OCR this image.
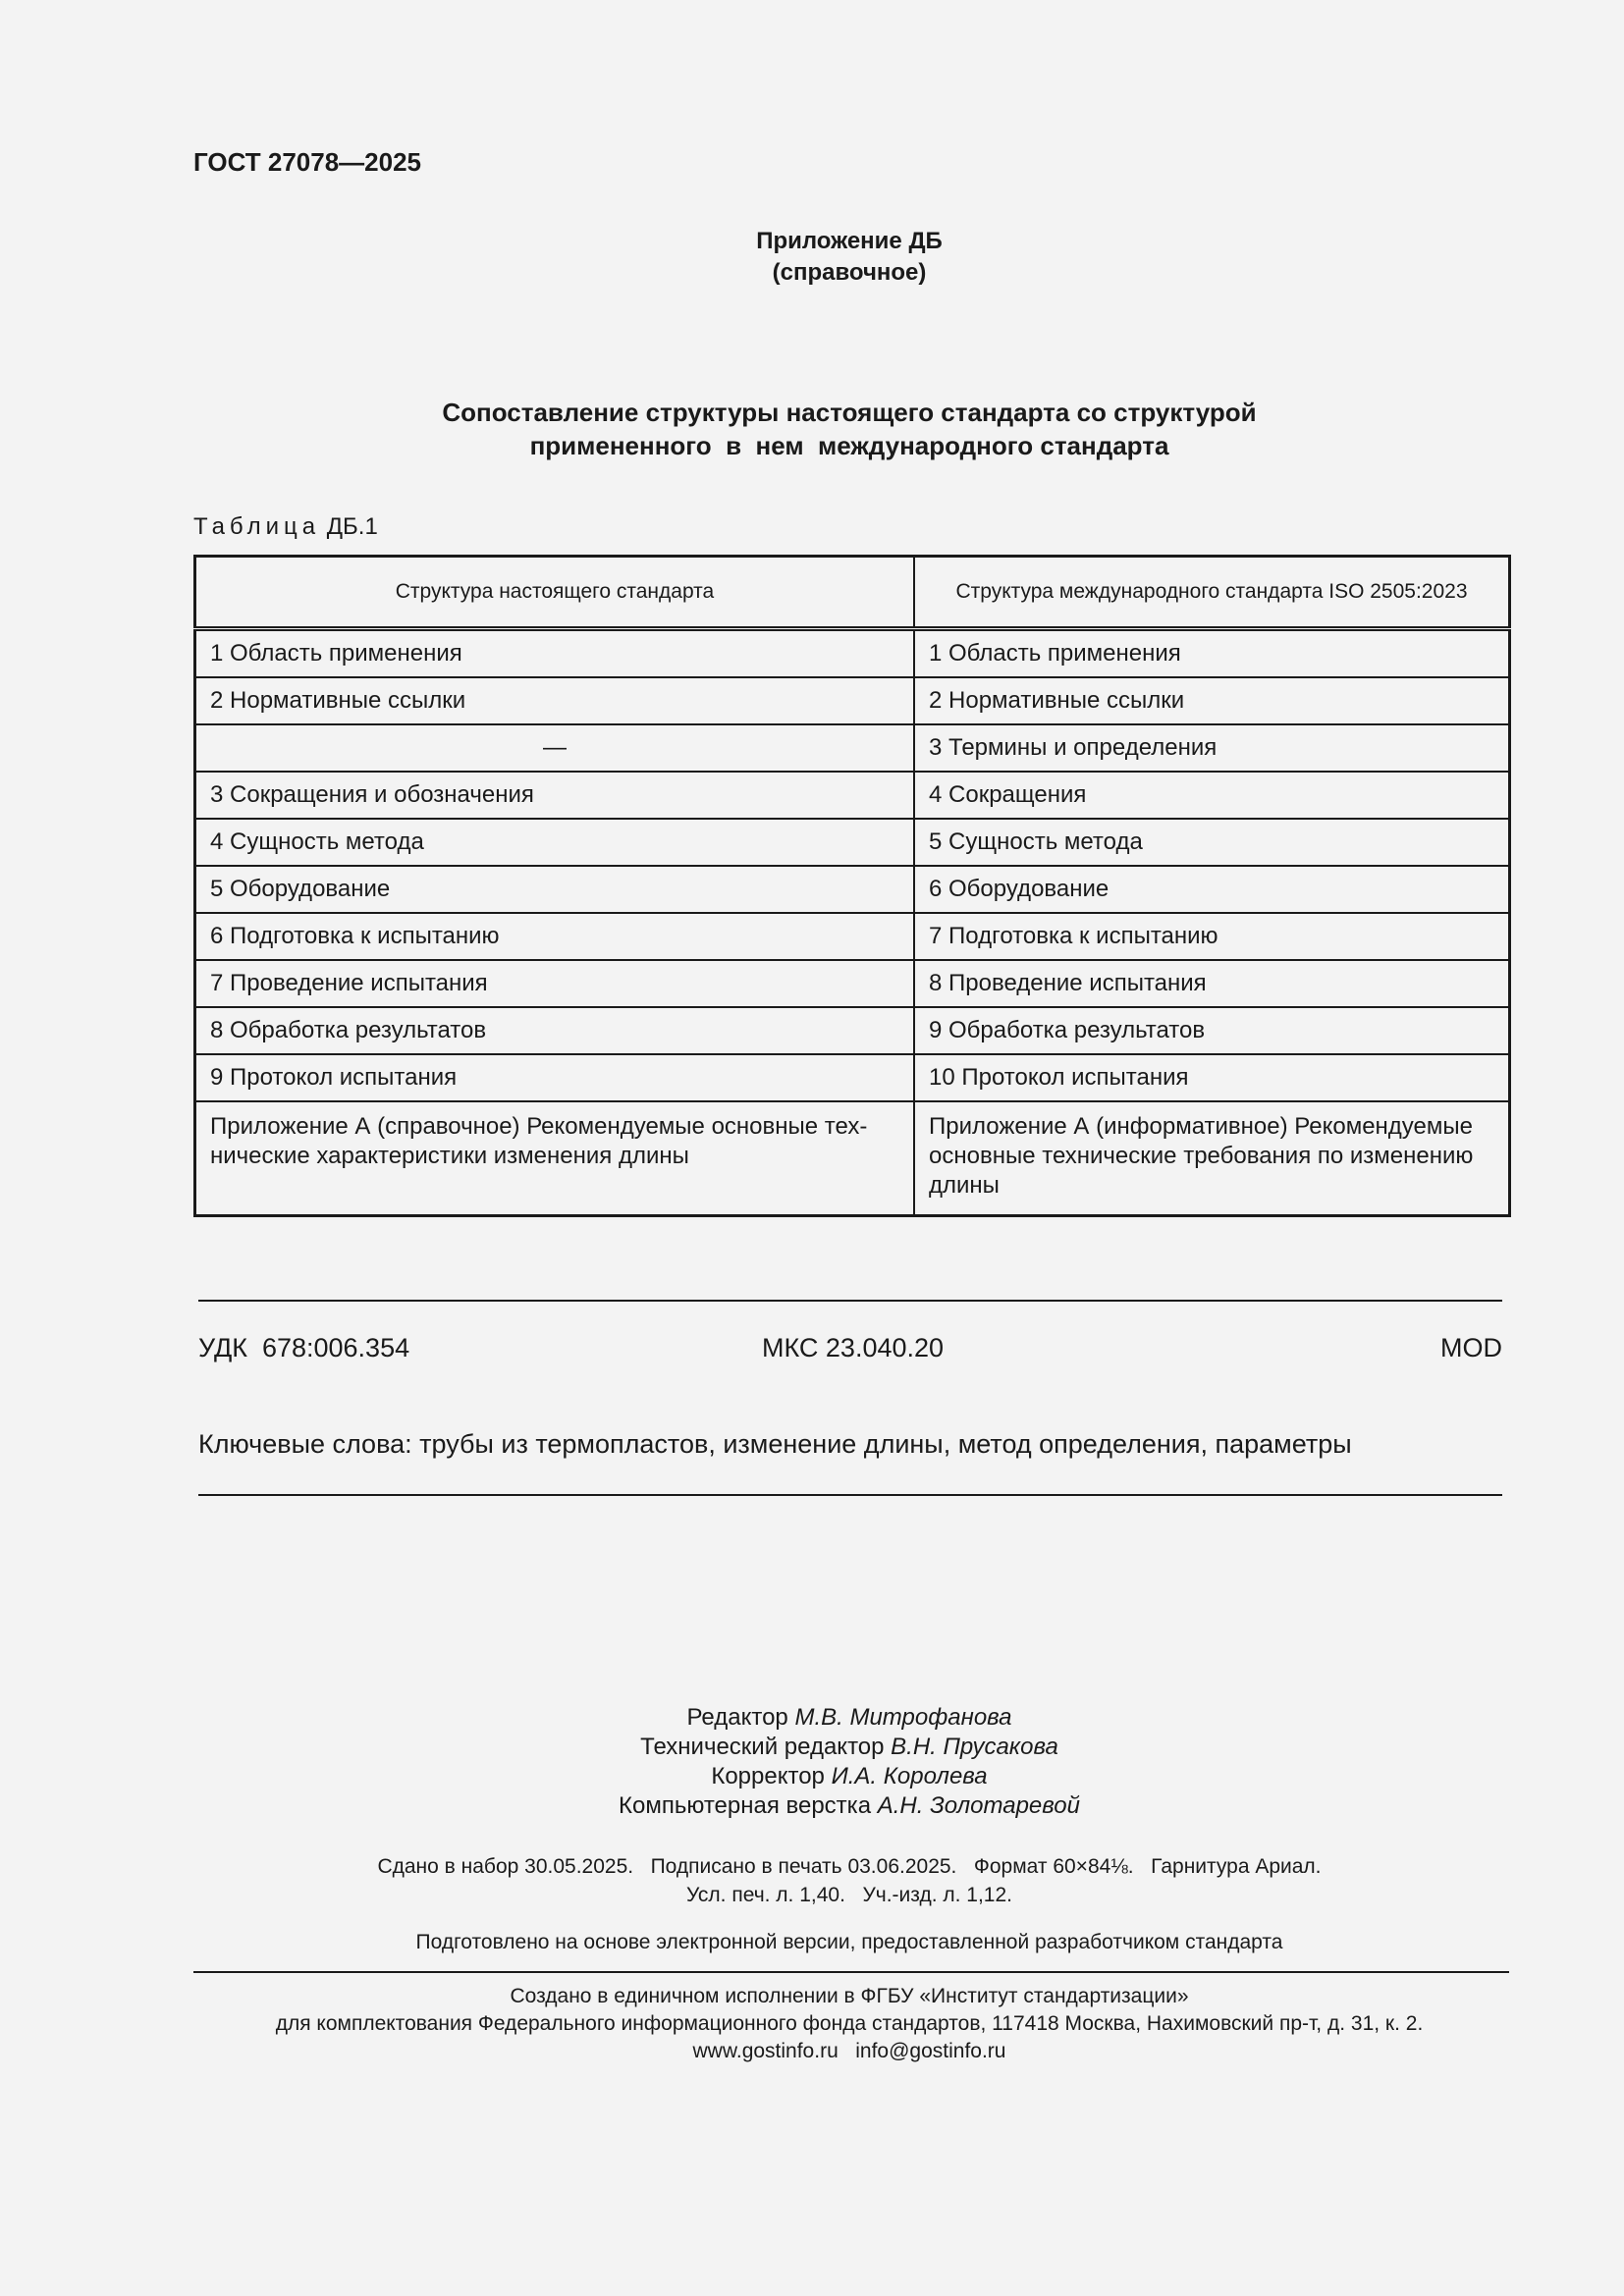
ГОСТ 27078—2025
Приложение ДБ
(справочное)
Сопоставление структуры настоящего стандарта со структурой
примененного  в  нем  международного стандарта
Таблица ДБ.1
Структура настоящего стандарта	Структура международного стандарта ISO 2505:2023
1 Область применения	1 Область применения
2 Нормативные ссылки	2 Нормативные ссылки
—	3 Термины и определения
3 Сокращения и обозначения	4 Сокращения
4 Сущность метода	5 Сущность метода
5 Оборудование	6 Оборудование
6 Подготовка к испытанию	7 Подготовка к испытанию
7 Проведение испытания	8 Проведение испытания
8 Обработка результатов	9 Обработка результатов
9 Протокол испытания	10 Протокол испытания
Приложение А (справочное) Рекомендуемые основные тех-нические характеристики изменения длины	Приложение А (информативное) Рекомендуемые основные технические требования по изменению длины
УДК  678:006.354	МКС 23.040.20	MOD
Ключевые слова: трубы из термопластов, изменение длины, метод определения, параметры
Редактор М.В. Митрофанова
Технический редактор В.Н. Прусакова
Корректор И.А. Королева
Компьютерная верстка А.Н. Золотаревой
Сдано в набор 30.05.2025.   Подписано в печать 03.06.2025.   Формат 60×84⅛.   Гарнитура Ариал.
Усл. печ. л. 1,40.   Уч.-изд. л. 1,12.
Подготовлено на основе электронной версии, предоставленной разработчиком стандарта
Создано в единичном исполнении в ФГБУ «Институт стандартизации»
для комплектования Федерального информационного фонда стандартов, 117418 Москва, Нахимовский пр-т, д. 31, к. 2.
www.gostinfo.ru   info@gostinfo.ru
